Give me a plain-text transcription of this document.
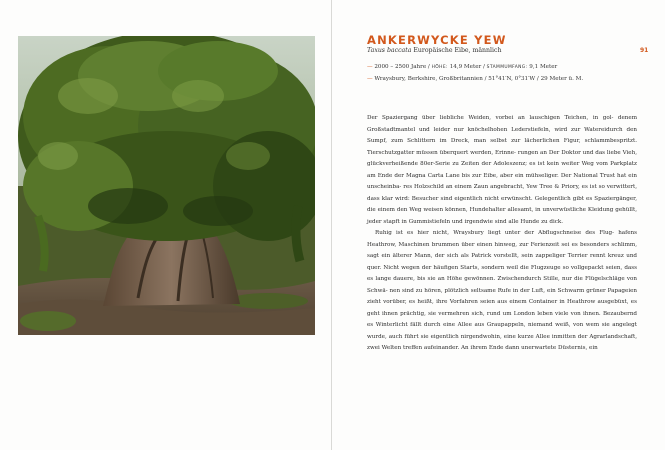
ANKERWYCKE YEW
91
Taxus baccata Europäische Eibe, männlich
— 2000 – 2500 Jahre / HÖHE: 14,9 Meter / STAMMUMFANG: 9,1 Meter
— Wraysbury, Berkshire, Großbritannien / 51°41′N, 0°31′W / 29 Meter ü. M.

Der Spaziergang über liebliche Weiden, vorbei an lauschigen Teichen, in gol- denem Großstadtmantel und leider nur knöchelhohen Lederstiefeln, wird zur Watereidurch den Sumpf, zum Schlittern im Dreck, man selbst zur lächerlichen Figur, schlammbespritzt. Tierschutzgatter müssen überquert werden, Erinne- rungen an Der Doktor und das liebe Vieh, glückverheißende 80er-Serie zu Zeiten der Adoleszenz; es ist kein weiter Weg vom Parkplatz am Ende der Magna Carta Lane bis zur Eibe, aber ein mühseliger. Der National Trust hat ein unscheinba- res Holzschild an einem Zaun angebracht, Yew Tree & Priory, es ist so verwittert, dass klar wird: Besucher sind eigentlich nicht erwünscht. Gelegentlich gibt es Spaziergänger, die einem den Weg weisen können, Hundehalter allesamt, in unverwüstliche Kleidung gehüllt, jeder stapft in Gummistiefeln und irgendwie sind alle Hunde zu dick.

Ruhig ist es hier nicht, Wraysbury liegt unter der Abflugschneise des Flug- hafens Heathrow, Maschinen brummen über einen hinweg, zur Ferienzeit sei es besonders schlimm, sagt ein älterer Mann, der sich als Patrick vorstellt, sein zappeliger Terrier rennt kreuz und quer. Nicht wegen der häufigen Starts, sondern weil die Flugzeuge so vollgepackt seien, dass es lange dauere, bis sie an Höhe gewönnen. Zwischendurch Stille, nur die Flügelschläge von Schwä- nen sind zu hören, plötzlich seltsame Rufe in der Luft, ein Schwarm grüner Papageien zieht vorüber, es heißt, ihre Vorfahren seien aus einem Container in Heathrow ausgebüxt, es geht ihnen prächtig, sie vermehren sich, rund um London leben viele von ihnen. Bezaubernd es Winterlicht fällt durch eine Allee aus Graupappeln, niemand weiß, von wem sie angelegt wurde, auch führt sie eigentlich nirgendwohin, eine kurze Allee inmitten der Agrarlandschaft, zwei Welten treffen aufeinander. An ihrem Ende dann unerwartete Düsternis, ein
